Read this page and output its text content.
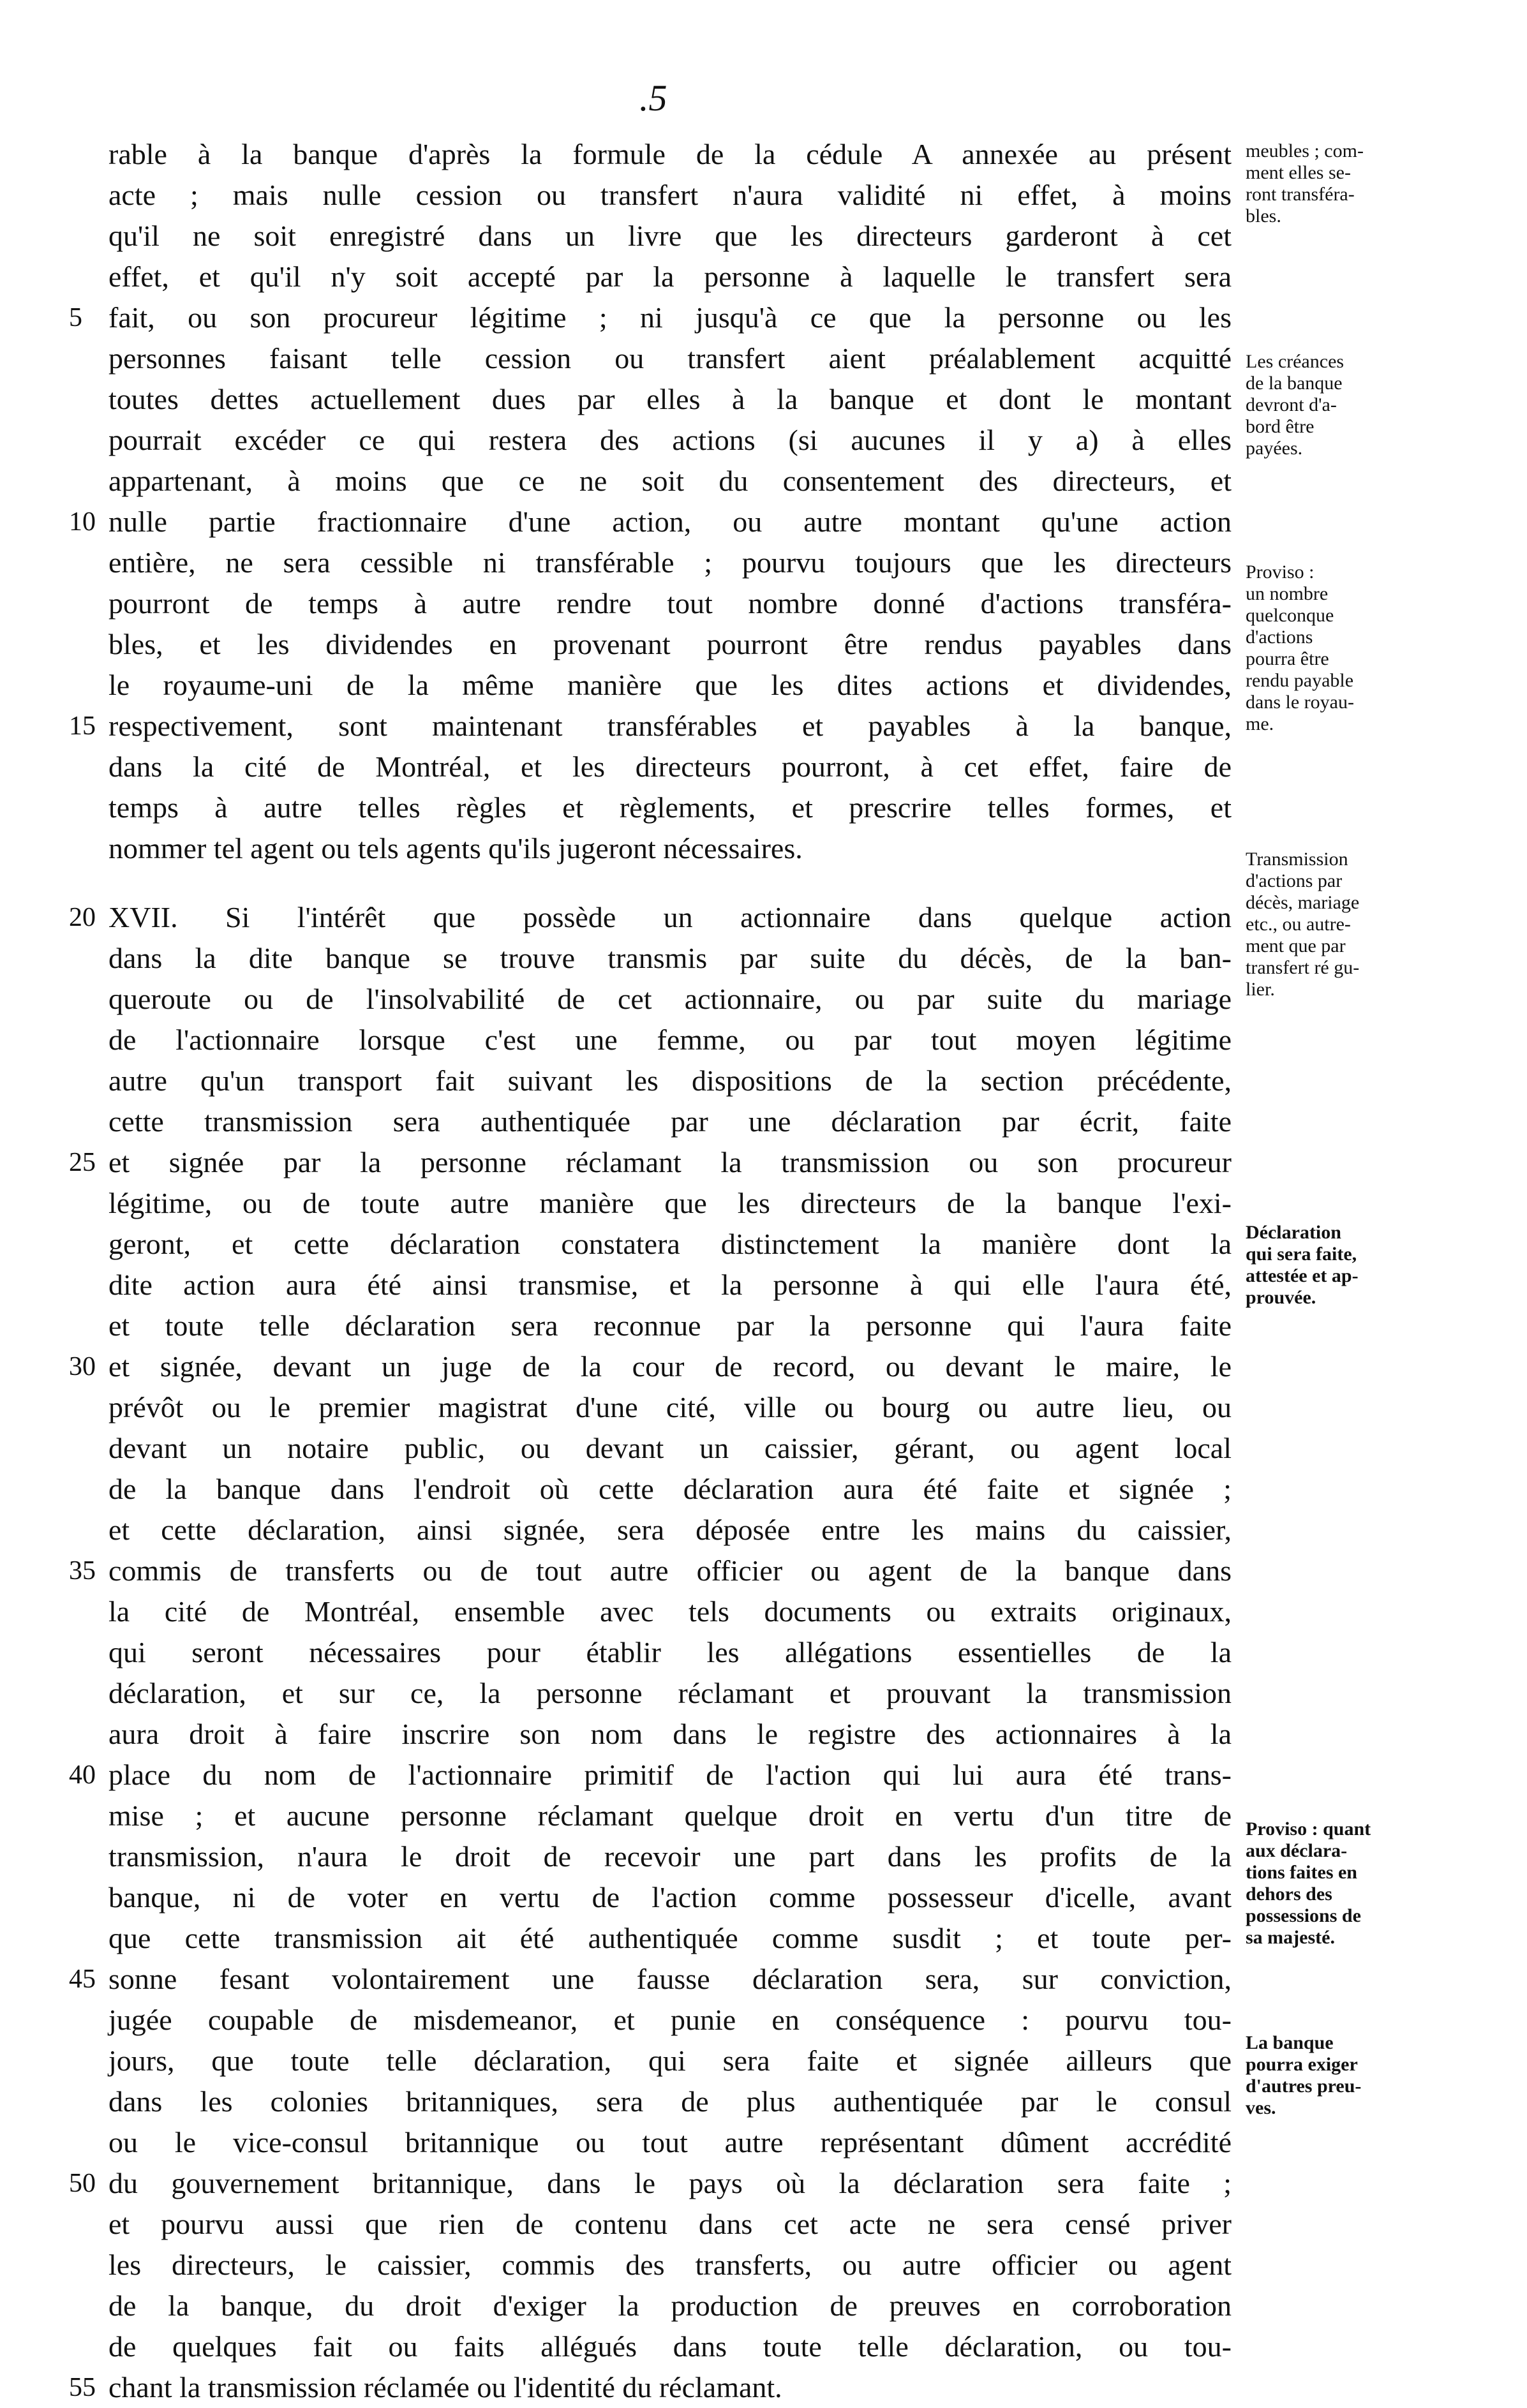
.5
rable à la banque d'après la formule de la cédule A annexée au présent
acte ; mais nulle cession ou transfert n'aura validité ni effet, à moins
qu'il ne soit enregistré dans un livre que les directeurs garderont à cet
effet, et qu'il n'y soit accepté par la personne à laquelle le transfert sera
5 fait, ou son procureur légitime ; ni jusqu'à ce que la personne ou les
personnes faisant telle cession ou transfert aient préalablement acquitté
toutes dettes actuellement dues par elles à la banque et dont le montant
pourrait excéder ce qui restera des actions (si aucunes il y a) à elles
appartenant, à moins que ce ne soit du consentement des directeurs, et
10 nulle partie fractionnaire d'une action, ou autre montant qu'une action
entière, ne sera cessible ni transférable ; pourvu toujours que les directeurs
pourront de temps à autre rendre tout nombre donné d'actions transféra-
bles, et les dividendes en provenant pourront être rendus payables dans
le royaume-uni de la même manière que les dites actions et dividendes,
15 respectivement, sont maintenant transférables et payables à la banque,
dans la cité de Montréal, et les directeurs pourront, à cet effet, faire de
temps à autre telles règles et règlements, et prescrire telles formes, et
nommer tel agent ou tels agents qu'ils jugeront nécessaires.
20 XVII. Si l'intérêt que possède un actionnaire dans quelque action
dans la dite banque se trouve transmis par suite du décès, de la ban-
queroute ou de l'insolvabilité de cet actionnaire, ou par suite du mariage
de l'actionnaire lorsque c'est une femme, ou par tout moyen légitime
autre qu'un transport fait suivant les dispositions de la section précédente,
cette transmission sera authentiquée par une déclaration par écrit, faite
25 et signée par la personne réclamant la transmission ou son procureur
légitime, ou de toute autre manière que les directeurs de la banque l'exi-
geront, et cette déclaration constatera distinctement la manière dont la
dite action aura été ainsi transmise, et la personne à qui elle l'aura été,
et toute telle déclaration sera reconnue par la personne qui l'aura faite
30 et signée, devant un juge de la cour de record, ou devant le maire, le
prévôt ou le premier magistrat d'une cité, ville ou bourg ou autre lieu, ou
devant un notaire public, ou devant un caissier, gérant, ou agent local
de la banque dans l'endroit où cette déclaration aura été faite et signée ;
et cette déclaration, ainsi signée, sera déposée entre les mains du caissier,
35 commis de transferts ou de tout autre officier ou agent de la banque dans
la cité de Montréal, ensemble avec tels documents ou extraits originaux,
qui seront nécessaires pour établir les allégations essentielles de la
déclaration, et sur ce, la personne réclamant et prouvant la transmission
aura droit à faire inscrire son nom dans le registre des actionnaires à la
40 place du nom de l'actionnaire primitif de l'action qui lui aura été trans-
mise ; et aucune personne réclamant quelque droit en vertu d'un titre de
transmission, n'aura le droit de recevoir une part dans les profits de la
banque, ni de voter en vertu de l'action comme possesseur d'icelle, avant
que cette transmission ait été authentiquée comme susdit ; et toute per-
45 sonne fesant volontairement une fausse déclaration sera, sur conviction,
jugée coupable de misdemeanor, et punie en conséquence : pourvu tou-
jours, que toute telle déclaration, qui sera faite et signée ailleurs que
dans les colonies britanniques, sera de plus authentiquée par le consul
ou le vice-consul britannique ou tout autre représentant dûment accrédité
50 du gouvernement britannique, dans le pays où la déclaration sera faite ;
et pourvu aussi que rien de contenu dans cet acte ne sera censé priver
les directeurs, le caissier, commis des transferts, ou autre officier ou agent
de la banque, du droit d'exiger la production de preuves en corroboration
de quelques fait ou faits allégués dans toute telle déclaration, ou tou-
55 chant la transmission réclamée ou l'identité du réclamant.
meubles ; com-
ment elles se-
ront transféra-
bles.
Les créances
de la banque
devront d'a-
bord être
payées.
Proviso :
un nombre
quelconque
d'actions
pourra être
rendu payable
dans le royau-
me.
Transmission
d'actions par
décès, mariage
etc., ou autre-
ment que par
transfert ré gu-
lier.
Déclaration
qui sera faite,
attestée et ap-
prouvée.
Proviso : quant
aux déclara-
tions faites en
dehors des
possessions de
sa majesté.
La banque
pourra exiger
d'autres preu-
ves.
